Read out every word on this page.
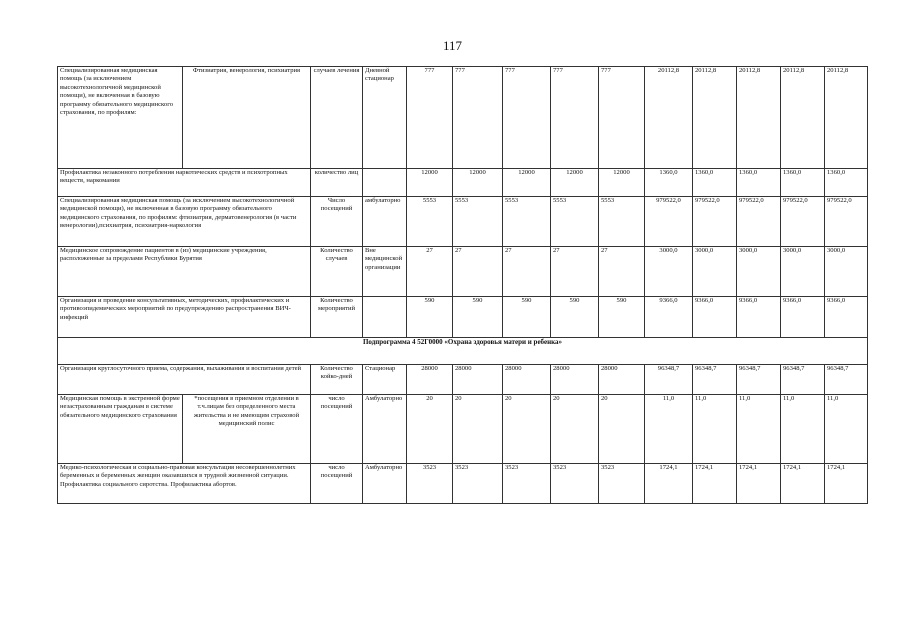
117
Специализированная медицинская помощь (за исключением высокотехнологичной медицинской помощи), не включенная в базовую программу обязательного медицинского страхования, по профилям:	Фтизиатрия, венерология, психиатрия	случаев лечения	Дневной стационар	777	777	777	777	777	20112,8	20112,8	20112,8	20112,8	20112,8
Профилактика незаконного потребления наркотических средств и психотропных веществ, наркомании		количество лиц		12000	12000	12000	12000	12000	1360,0	1360,0	1360,0	1360,0	1360,0
Специализированная медицинская помощь (за исключением высокотехнологичной медицинской помощи), не включенная в базовую программу обязательного медицинского страхования, по профилям: фтизиатрия, дерматовенерология (в части венерологии),психиатрия, психиатрия-наркология		Число посещений	амбулаторно	5553	5553	5553	5553	5553	979522,0	979522,0	979522,0	979522,0	979522,0
Медицинское сопровождение пациентов в (из) медицинские учреждения, расположенные за пределами Республики Бурятия		Количество случаев	Вне медицинской организации	27	27	27	27	27	3000,0	3000,0	3000,0	3000,0	3000,0
Организация и проведение консультативных, методических, профилактических и противоэпидемических мероприятий по предупреждению распространения ВИЧ-инфекций		Количество мероприятий		590	590	590	590	590	9366,0	9366,0	9366,0	9366,0	9366,0
Подпрограмма 4 52Г0000 «Охрана здоровья матери и ребенка»													
Организация круглосуточного приема, содержания, выхаживания и воспитания детей		Количество койко-дней	Стационар	28000	28000	28000	28000	28000	96348,7	96348,7	96348,7	96348,7	96348,7
Медицинская помощь в экстренной форме незастрахованным гражданам в системе обязательного медицинского страхования	*посещения в приемном отделении в т.ч.лицам без определенного места жительства и не имеющим страховой медицинский полис	число посещений	Амбулаторно	20	20	20	20	20	11,0	11,0	11,0	11,0	11,0
Медико-психологическая и социально-правовая консультация несовершеннолетних беременных и беременных женщин оказавшихся в трудной жизненной ситуации. Профилактика социального сиротства. Профилактика абортов.		число посещений	Амбулаторно	3523	3523	3523	3523	3523	1724,1	1724,1	1724,1	1724,1	1724,1
